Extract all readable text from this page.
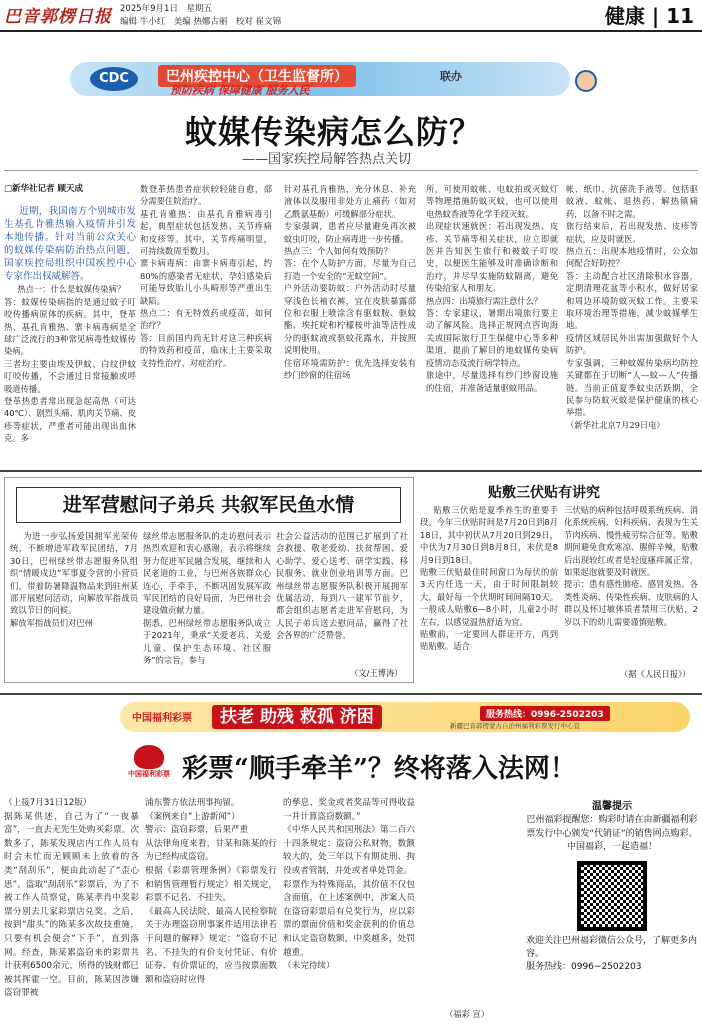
巴音郭楞日报 2025年9月1日　星期五
编辑 牛小红　美编 热娜古丽　校对 崔文锦	健康 | 11
CDC	巴州疾控中心（卫生监督所）
预防疾病 保障健康 服务人民
联办
蚊媒传染病怎么防？
——国家疾控局解答热点关切
□新华社记者 顾天成

近期，我国南方个别城市发生基孔肯雅热输入疫情并引发本地传播。针对当前公众关心的蚊媒传染病防治热点问题，国家疾控局组织中国疾控中心专家作出权威解答。

热点一：什么是蚊媒传染病？
答：蚊媒传染病指的是通过蚊子叮咬传播病原体的疾病。其中，登革热、基孔肯雅热、寨卡病毒病是全球广泛流行的3种常见病毒性蚊媒传染病。
三者均主要由埃及伊蚊、白纹伊蚊叮咬传播，不会通过日常接触或呼吸道传播。
登革热患者常出现急起高热（可达40℃）、剧烈头痛、肌肉关节痛、皮疹等症状，严重者可能出现出血休克。多
数登革热患者症状较轻能自愈，部分需要住院治疗。
基孔肯雅热：由基孔肯雅病毒引起，典型症状包括发热、关节疼痛和皮疹等。其中，关节疼痛明显，可持续数周至数月。
寨卡病毒病：由寨卡病毒引起，约80%的感染者无症状，孕妇感染后可能导致胎儿小头畸形等严重出生缺陷。
热点二：有无特效药或疫苗，如何治疗？
答：目前国内尚无针对这三种疾病的特效药和疫苗，临床上主要采取支持性治疗、对症治疗。
针对基孔肯雅热，充分休息、补充液体以及服用非处方止痛药（如对乙酰氨基酚）可缓解部分症状。
专家强调，患者应尽量避免再次被蚊虫叮咬，防止病毒进一步传播。
热点三：个人如何有效预防？
答：在个人防护方面，尽量为自己打造一个安全的“无蚊空间”。
户外活动要防蚊：户外活动时尽量穿浅色长袖衣裤，宜在皮肤暴露部位和衣服上喷涂含有驱蚊胺、驱蚊酯、埃托啶和柠檬桉叶油等活性成分的驱蚊液或驱蚊花露水，并按照说明使用。
住宿环境需防护：优先选择安装有纱门纱窗的住宿场
所，可使用蚊帐、电蚊拍或灭蚊灯等物理措施防蚊灭蚊，也可以使用电热蚊香液等化学手段灭蚊。
出现症状速就医：若出现发热、皮疹、关节痛等相关症状，应立即就医并告知医生旅行和被蚊子叮咬史，以便医生能够及时准确诊断和治疗，并尽早实施防蚊隔离，避免传染给家人和朋友。
热点四：出境旅行需注意什么？
答：专家建议，暑期出境旅行要主动了解风险。选择正规网点咨询海关或国际旅行卫生保健中心等多种渠道，提前了解目的地蚊媒传染病疫情动态及流行病学特点。
旅途中，尽量选择有纱门纱窗设施的住宿，并准备适量驱蚊用品。
帐、纸巾、抗菌洗手液等。包括驱蚊液、蚊帐、退热药、解热镇痛药，以备不时之需。
旅行结束后，若出现发热、皮疹等症状，应及时就医。
热点五：出现本地疫情时，公众如何配合好防控？
答：主动配合社区清除积水容器，定期清理花盆等小积水，做好居家和周边环境防蚊灭蚊工作。主要采取环境治理等措施，减少蚊媒孳生地。
疫情区域居民外出需加强做好个人防护。
专家强调，三种蚊媒传染病均防控关键都在于切断“人—蚊—人”传播链。当前正值夏季蚊虫活跃期，全民参与防蚊灭蚊是保护健康的核心举措。
（新华社北京7月29日电）
进军营慰问子弟兵 共叙军民鱼水情
为进一步弘扬爱国拥军光荣传统，不断增进军政军民团结，7月30日，巴州绿丝带志愿服务队组织“情暖戍边”军事夏令营的小营员们，带着防暑降温物品来到驻州某部开展慰问活动，向解放军指战员致以节日的问候。
解放军指战员们对巴州
绿丝带志愿服务队的走访慰问表示热烈欢迎和衷心感谢，表示将继续努力促进军民融合发展，继续和人民老道的工业，与巴州各族群众心连心，手牵手，不断巩固发展军政军民团结的良好局面，为巴州社会建设做贡献力量。
据悉，巴州绿丝带志愿服务队成立于2021年，秉承“关爱老兵、关爱儿童、保护生态环境、社区服务”的宗旨，参与
社会公益活动的范围已扩展到了社会救援、敬老爱幼、扶贫帮困、爱心助学、爱心送考、研学实践、移民服务、就业创业培训等方面。巴州绿丝带志愿服务队积极开展拥军优属活动，每到八一建军节前夕，都会组织志愿者走进军营慰问，为人民子弟兵送去慰问品，赢得了社会各界的广泛赞誉。
（文/王博涛）
贴敷三伏贴有讲究
贴敷三伏贴是夏季养生的重要手段。今年三伏贴时间是7月20日到8月18日，其中初伏从7月20日到29日，中伏为7月30日到8月8日，末伏是8月9日到18日。
贴敷三伏贴最佳时间窗口为每伏的前3天内任选一天，由于时间限制较大，最好每一个伏期时间间隔10天。一般成人贴敷6—8小时，儿童2小时左右，以感觉温热舒适为宜。
贴敷前，一定要回人群证开方，再到贴贴敷。适合
三伏贴的病种包括呼吸系统疾病、消化系统疾病、妇科疾病、表现为生关节肉疾病、慢性疲劳综合征等。贴敷期间避免食欢寒凉、腥鲜辛辣，贴敷后出现较红或者是轻度瘙痒属正常，如果起泡就要及时就医。
提示：患有感性肺疮、感冒发热、各类性炎病、传染性疾病、皮肤病的人群以及怀过敏体质者禁用三伏贴，2岁以下的幼儿需要谨慎贴敷。
（据《人民日报》）
中国福利彩票	扶老 助残 救孤 济困	服务热线：0996-2502203
新疆巴音郭楞蒙古自治州福利彩票发行中心宣
中国福利彩票 彩票“顺手牵羊”？终将落入法网！
（上接7月31日12版）
据陈某供述，自己为了“一夜暴富”，一直去无先生处购买彩票。次数多了，陈某发现店内工作人员有时会未忙而无顾顾未上放着的各类“刮刮乐”，便由此动起了“歪心思”。盗取“刮刮乐”彩票后，为了不被工作人员察觉，陈某孝肖中奖彩票分别去几家彩票店兑奖。之后，按到“甜头”的陈某多次故技重施，只要有机会便会“下手”，直到落网。经查，陈某累盗窃来的彩票共计获利6500余元，所得的钱财都已被其挥霍一空。目前，陈某因涉嫌盗窃罪被
浦东警方依法刑事拘留。
（案例来自“上游新闻”）
警示：盗窃彩票，后果严重
从法律角度来看，甘某和陈某的行为已经构成盗窃。
根据《彩票管理条例》《彩票发行和销售管理暂行规定》相关规定，彩票不记名、不挂失。
《最高人民法院、最高人民检察院关于办理盗窃刑事案件适用法律若干问题的解释》规定：“盗窃不记名、不挂失的有价支付凭证、有价证券、有价票证的，应当按票面数额和盗窃时应得
的孳息、奖金或者奖品等可得收益一并计算盗窃数额。”
《中华人民共和国刑法》第二百六十四条规定：盗窃公私财物，数额较大的，处三年以下有期徒刑、拘役或者管制，并处或者单处罚金。
彩票作为特殊商品，其价值不仅包含面值，在上述案例中，涉案人员在盗窃彩票后有兑奖行为，应以彩票的票面价值和奖金获利的价值总和认定盗窃数额，中奖越多，处罚越重。
（未完待续）
（福彩 宣）
温馨提示
巴州福彩提醒您：购彩时请在由新疆福利彩票发行中心颁发“代销证”的销售网点购彩。
中国福彩，一起造福！
欢迎关注巴州福彩微信公众号，了解更多内容。
服务热线：0996−2502203
